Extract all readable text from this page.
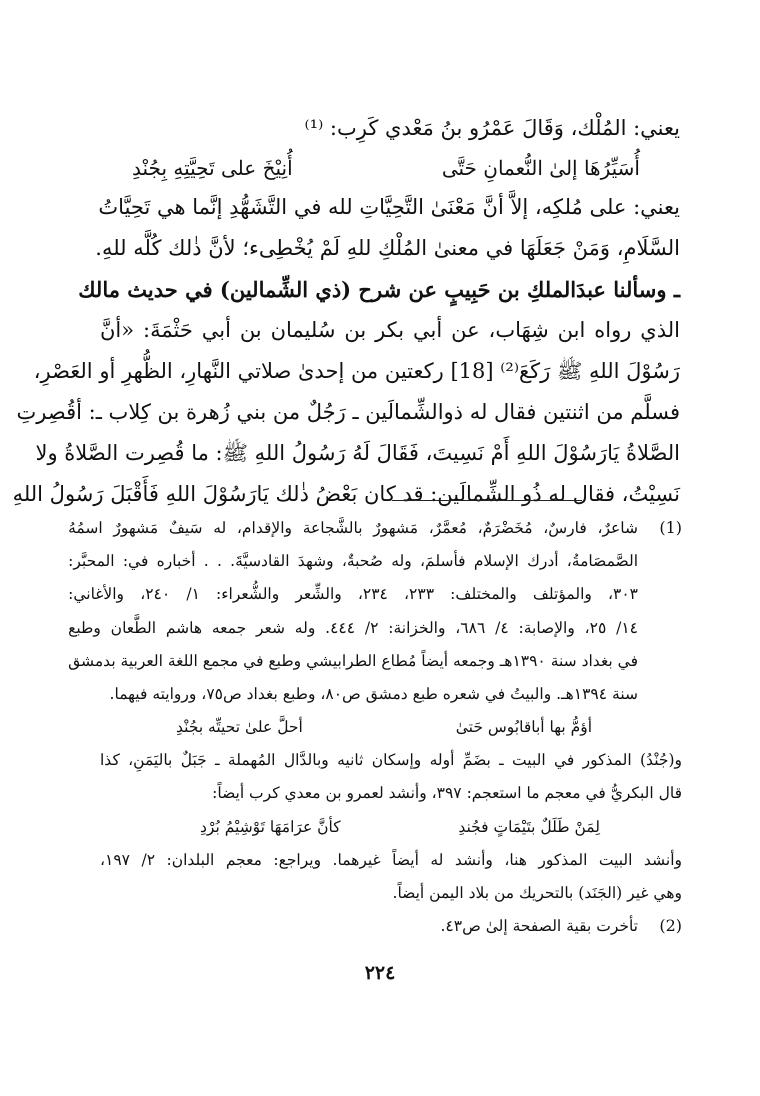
يعني: المُلْك، وَقَالَ عَمْرُو بنُ مَعْدي كَرِب: ⁽¹⁾
أُسَيِّرُهَا إلىٰ النُّعمانِ حَتَّى
أُنِيْخَ على تَحِيَّتِهِ بِجُنْدِ
يعني: على مُلكِه، إلاَّ أنَّ مَعْنَىٰ التَّحِيَّاتِ لله في التَّشَهُّدِ إنَّما هي تَحِيَّاتُ
السَّلَامِ، وَمَنْ جَعَلَهَا في معنىٰ المُلْكِ للهِ لَمْ يُخْطِىء؛ لأنَّ ذٰلك كُلَّه للهِ.
ـ وسألنا عبدَالملكِ بن حَبِيبٍ عن شرح (ذي الشِّمالين) في حديث مالك
الذي رواه ابن شِهَاب، عن أبي بكر بن سُليمان بن أبي حَثْمَةَ: «أنَّ
رَسُوْلَ اللهِ ﷺ رَكَعَ⁽²⁾ [18] ركعتين من إحدىٰ صلاتي النَّهارِ، الظُّهرِ أو العَصْرِ،
فسلَّم من اثنتين فقال له ذوالشِّمالَين ـ رَجُلٌ من بني زُهرة بن كِلاب ـ: أقُصِرتِ
الصَّلاةُ يَارَسُوْلَ اللهِ أَمْ نَسِيتَ، فَقَالَ لَهُ رَسُولُ اللهِ ﷺ: ما قُصِرت الصَّلاةُ ولا
نَسِيْتُ، فقال له ذُو الشِّمالَين: قد كان بَعْضُ ذٰلك يَارَسُوْلَ اللهِ فَأَقْبَلَ رَسُولُ اللهِ
(1)
شاعرٌ، فارسٌ، مُخَضْرَمٌ، مُعمَّرٌ، مَشهورٌ بالشَّجاعة والإقدام، له سَيفٌ مَشهورٌ اسمُهُ
الصَّمصَامةُ، أدرك الإسلام فأسلمَ، وله صُحبةٌ، وشهدَ القادسيَّةَ. . . أخباره في: المحبَّر:
٣٠٣، والمؤتلف والمختلف: ٢٣٣، ٢٣٤، والشِّعر والشُّعراء: ١/ ٢٤٠، والأغاني:
١٤/ ٢٥، والإصابة: ٤/ ٦٨٦، والخزانة: ٢/ ٤٤٤. وله شعر جمعه هاشم الطَّعان وطبع
في بغداد سنة ١٣٩٠هـ وجمعه أيضاً مُطاع الطرابيشي وطبع في مجمع اللغة العربية بدمشق
سنة ١٣٩٤هـ. والبيتُ في شعره طبع دمشق ص٨٠، وطبع بغداد ص٧٥، وروايته فيهما.
أؤمُّ بها أباقابُوس حَتىٰ
أحلَّ علىٰ تحيتِّه بجُنْدِ
و(جُنْدُ) المذكور في البيت ـ بضَمِّ أوله وإسكان ثانيه وبالدَّال المُهملة ـ جَبَلٌ باليَمَنِ، كذا
قال البكريُّ في معجم ما استعجم: ٣٩٧، وأنشد لعمرو بن معدي كرب أيضاً:
لِمَنْ طَلَلٌ بتَيْمَاتٍ فجُندِ
كأنَّ عرَامَهَا تَوْشِيْمُ بُرْدِ
وأنشد البيت المذكور هنا، وأنشد له أيضاً غيرهما. ويراجع: معجم البلدان: ٢/ ١٩٧،
وهي غير (الجَنَد) بالتحريك من بلاد اليمن أيضاً.
(2)
تأخرت بقية الصفحة إلىٰ ص٤٣.
٢٢٤
